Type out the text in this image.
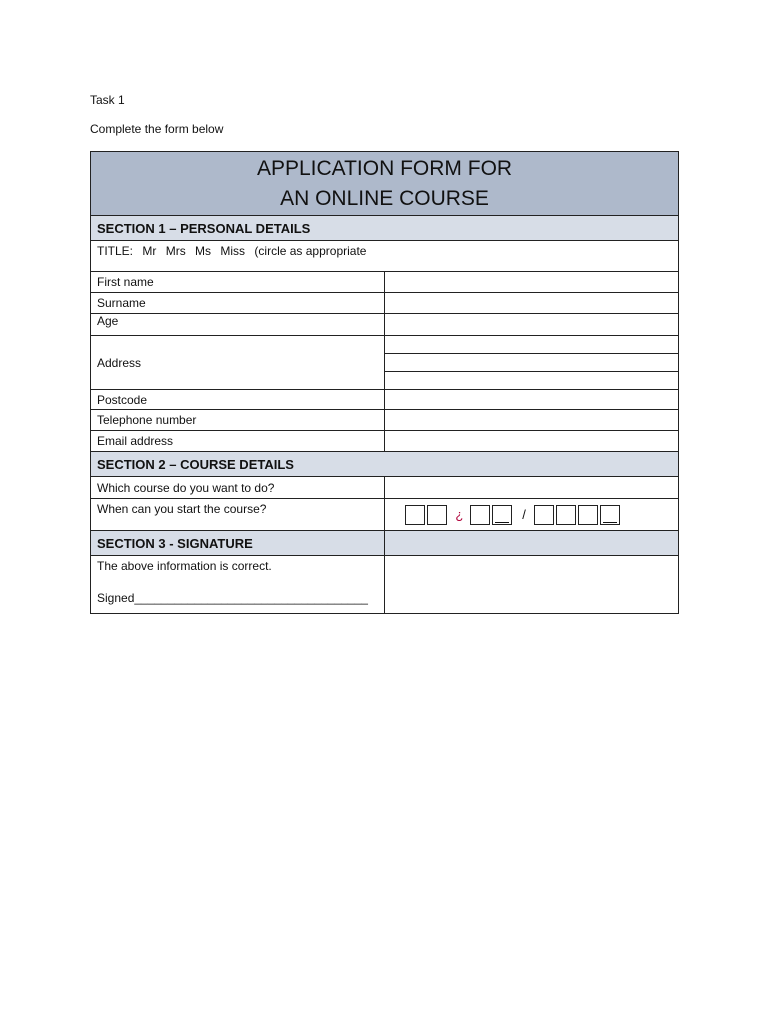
Task 1
Complete the form below
APPLICATION FORM FOR
AN ONLINE COURSE	

SECTION 1 – PERSONAL DETAILS	
TITLE: Mr Mrs Ms Miss (circle as appropriate	
First name	
Surname	
Age	
Address	

Postcode	
Telephone number	
Email address	
SECTION 2 – COURSE DETAILS	
Which course do you want to do?	
When can you start the course?	¿ /
SECTION 3 - SIGNATURE	

The above information is correct.
Signed___________________________________	
